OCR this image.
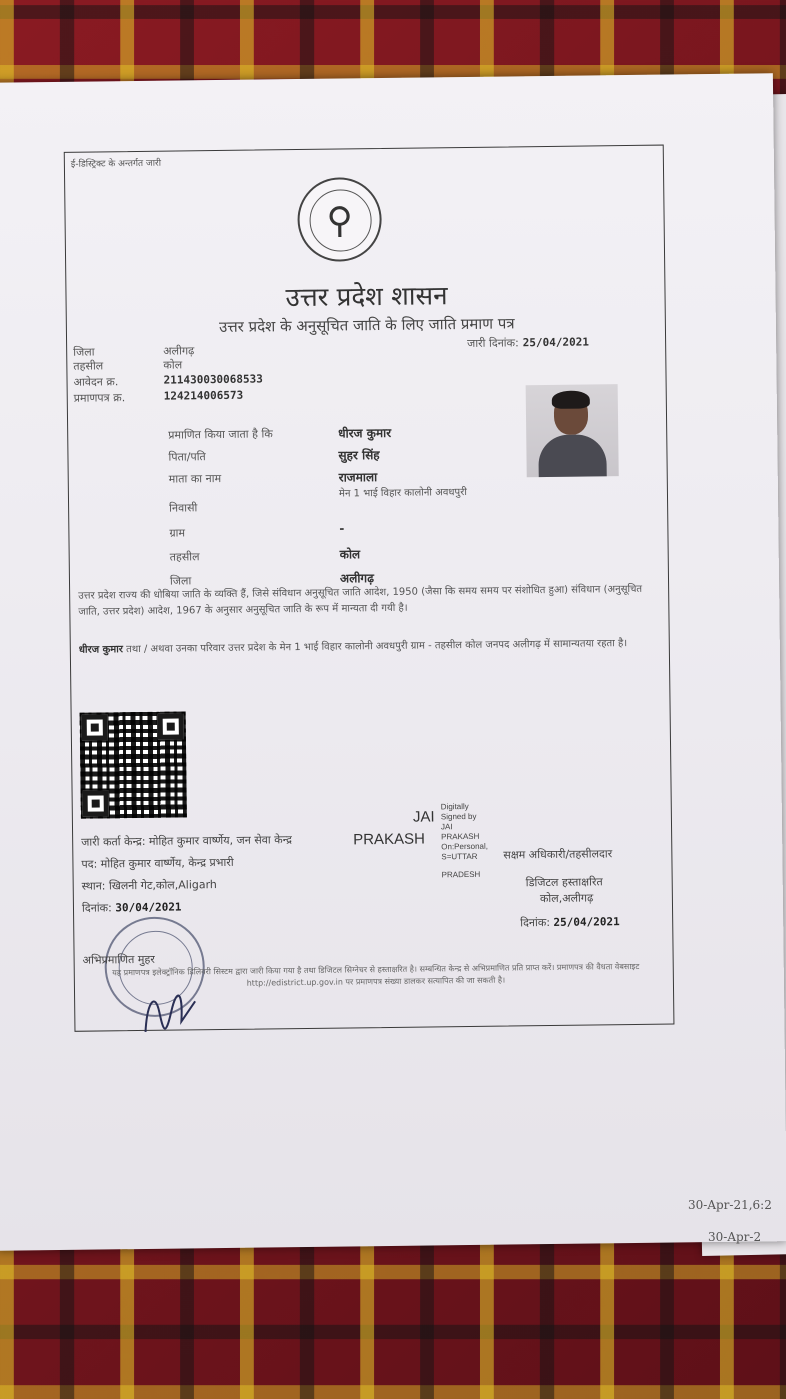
ई-डिस्ट्रिक्ट के अन्तर्गत जारी
⚲
उत्तर प्रदेश शासन
उत्तर प्रदेश के अनुसूचित जाति के लिए जाति प्रमाण पत्र
जिला	अलीगढ़
तहसील	कोल
आवेदन क्र.	211430030068533
प्रमाणपत्र क्र.	124214006573
जारी दिनांक: 25/04/2021
प्रमाणित किया जाता है कि	धीरज कुमार
पिता/पति	सुहर सिंह
माता का नाम	राजमाला
निवासी
मेन 1 भाई विहार कालोनी अवधपुरी
ग्राम	-
तहसील	कोल
जिला	अलीगढ़
उत्तर प्रदेश राज्य की धोबिया जाति के व्यक्ति हैं, जिसे संविधान अनुसूचित जाति आदेश, 1950 (जैसा कि समय समय पर संशोधित हुआ) संविधान (अनुसूचित जाति, उत्तर प्रदेश) आदेश, 1967 के अनुसार अनुसूचित जाति के रूप में मान्यता दी गयी है।
धीरज कुमार तथा / अथवा उनका परिवार उत्तर प्रदेश के मेन 1 भाई विहार कालोनी अवधपुरी ग्राम - तहसील कोल जनपद अलीगढ़ में सामान्यतया रहता है।
जारी कर्ता केन्द्र: मोहित कुमार वार्ष्णेय, जन सेवा केन्द्र
पद: मोहित कुमार वार्ष्णेय, केन्द्र प्रभारी
स्थान: खिलनी गेट,कोल,Aligarh
दिनांक: 30/04/2021
JAI
PRAKASH
Digitally
Signed by
JAI
PRAKASH
On:Personal,
S=UTTAR
PRADESH
सक्षम अधिकारी/तहसीलदार
डिजिटल हस्ताक्षरित
कोल,अलीगढ़
दिनांक: 25/04/2021
अभिप्रमाणित मुहर
यह प्रमाणपत्र इलेक्ट्रॉनिक डिलिवरी सिस्टम द्वारा जारी किया गया है तथा डिजिटल सिग्नेचर से हस्ताक्षरित है। सम्बन्धित केन्द्र से अभिप्रमाणित प्रति प्राप्त करें। प्रमाणपत्र की वैधता वेबसाइट http://edistrict.up.gov.in पर प्रमाणपत्र संख्या डालकर सत्यापित की जा सकती है।
30-Apr-21,6:2
30-Apr-2
